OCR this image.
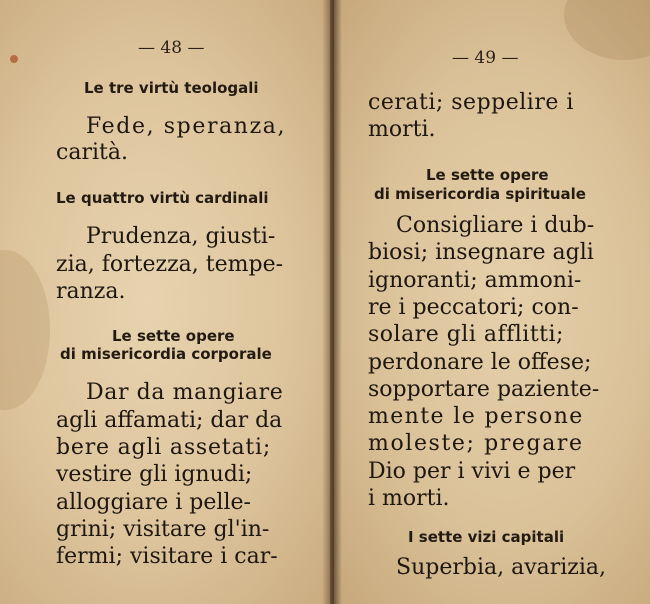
— 48 —
Le tre virtù teologali
Fede, speranza,
carità.
Le quattro virtù cardinali
Prudenza, giusti-
zia, fortezza, tempe-
ranza.
Le sette opere
di misericordia corporale
Dar da mangiare
agli affamati; dar da
bere agli assetati;
vestire gli ignudi;
alloggiare i pelle-
grini; visitare gl'in-
fermi; visitare i car-
— 49 —
cerati; seppelire i
morti.
Le sette opere
di misericordia spirituale
Consigliare i dub-
biosi; insegnare agli
ignoranti; ammoni-
re i peccatori; con-
solare gli afflitti;
perdonare le offese;
sopportare paziente-
mente le persone
moleste; pregare
Dio per i vivi e per
i morti.
I sette vizi capitali
Superbia, avarizia,
